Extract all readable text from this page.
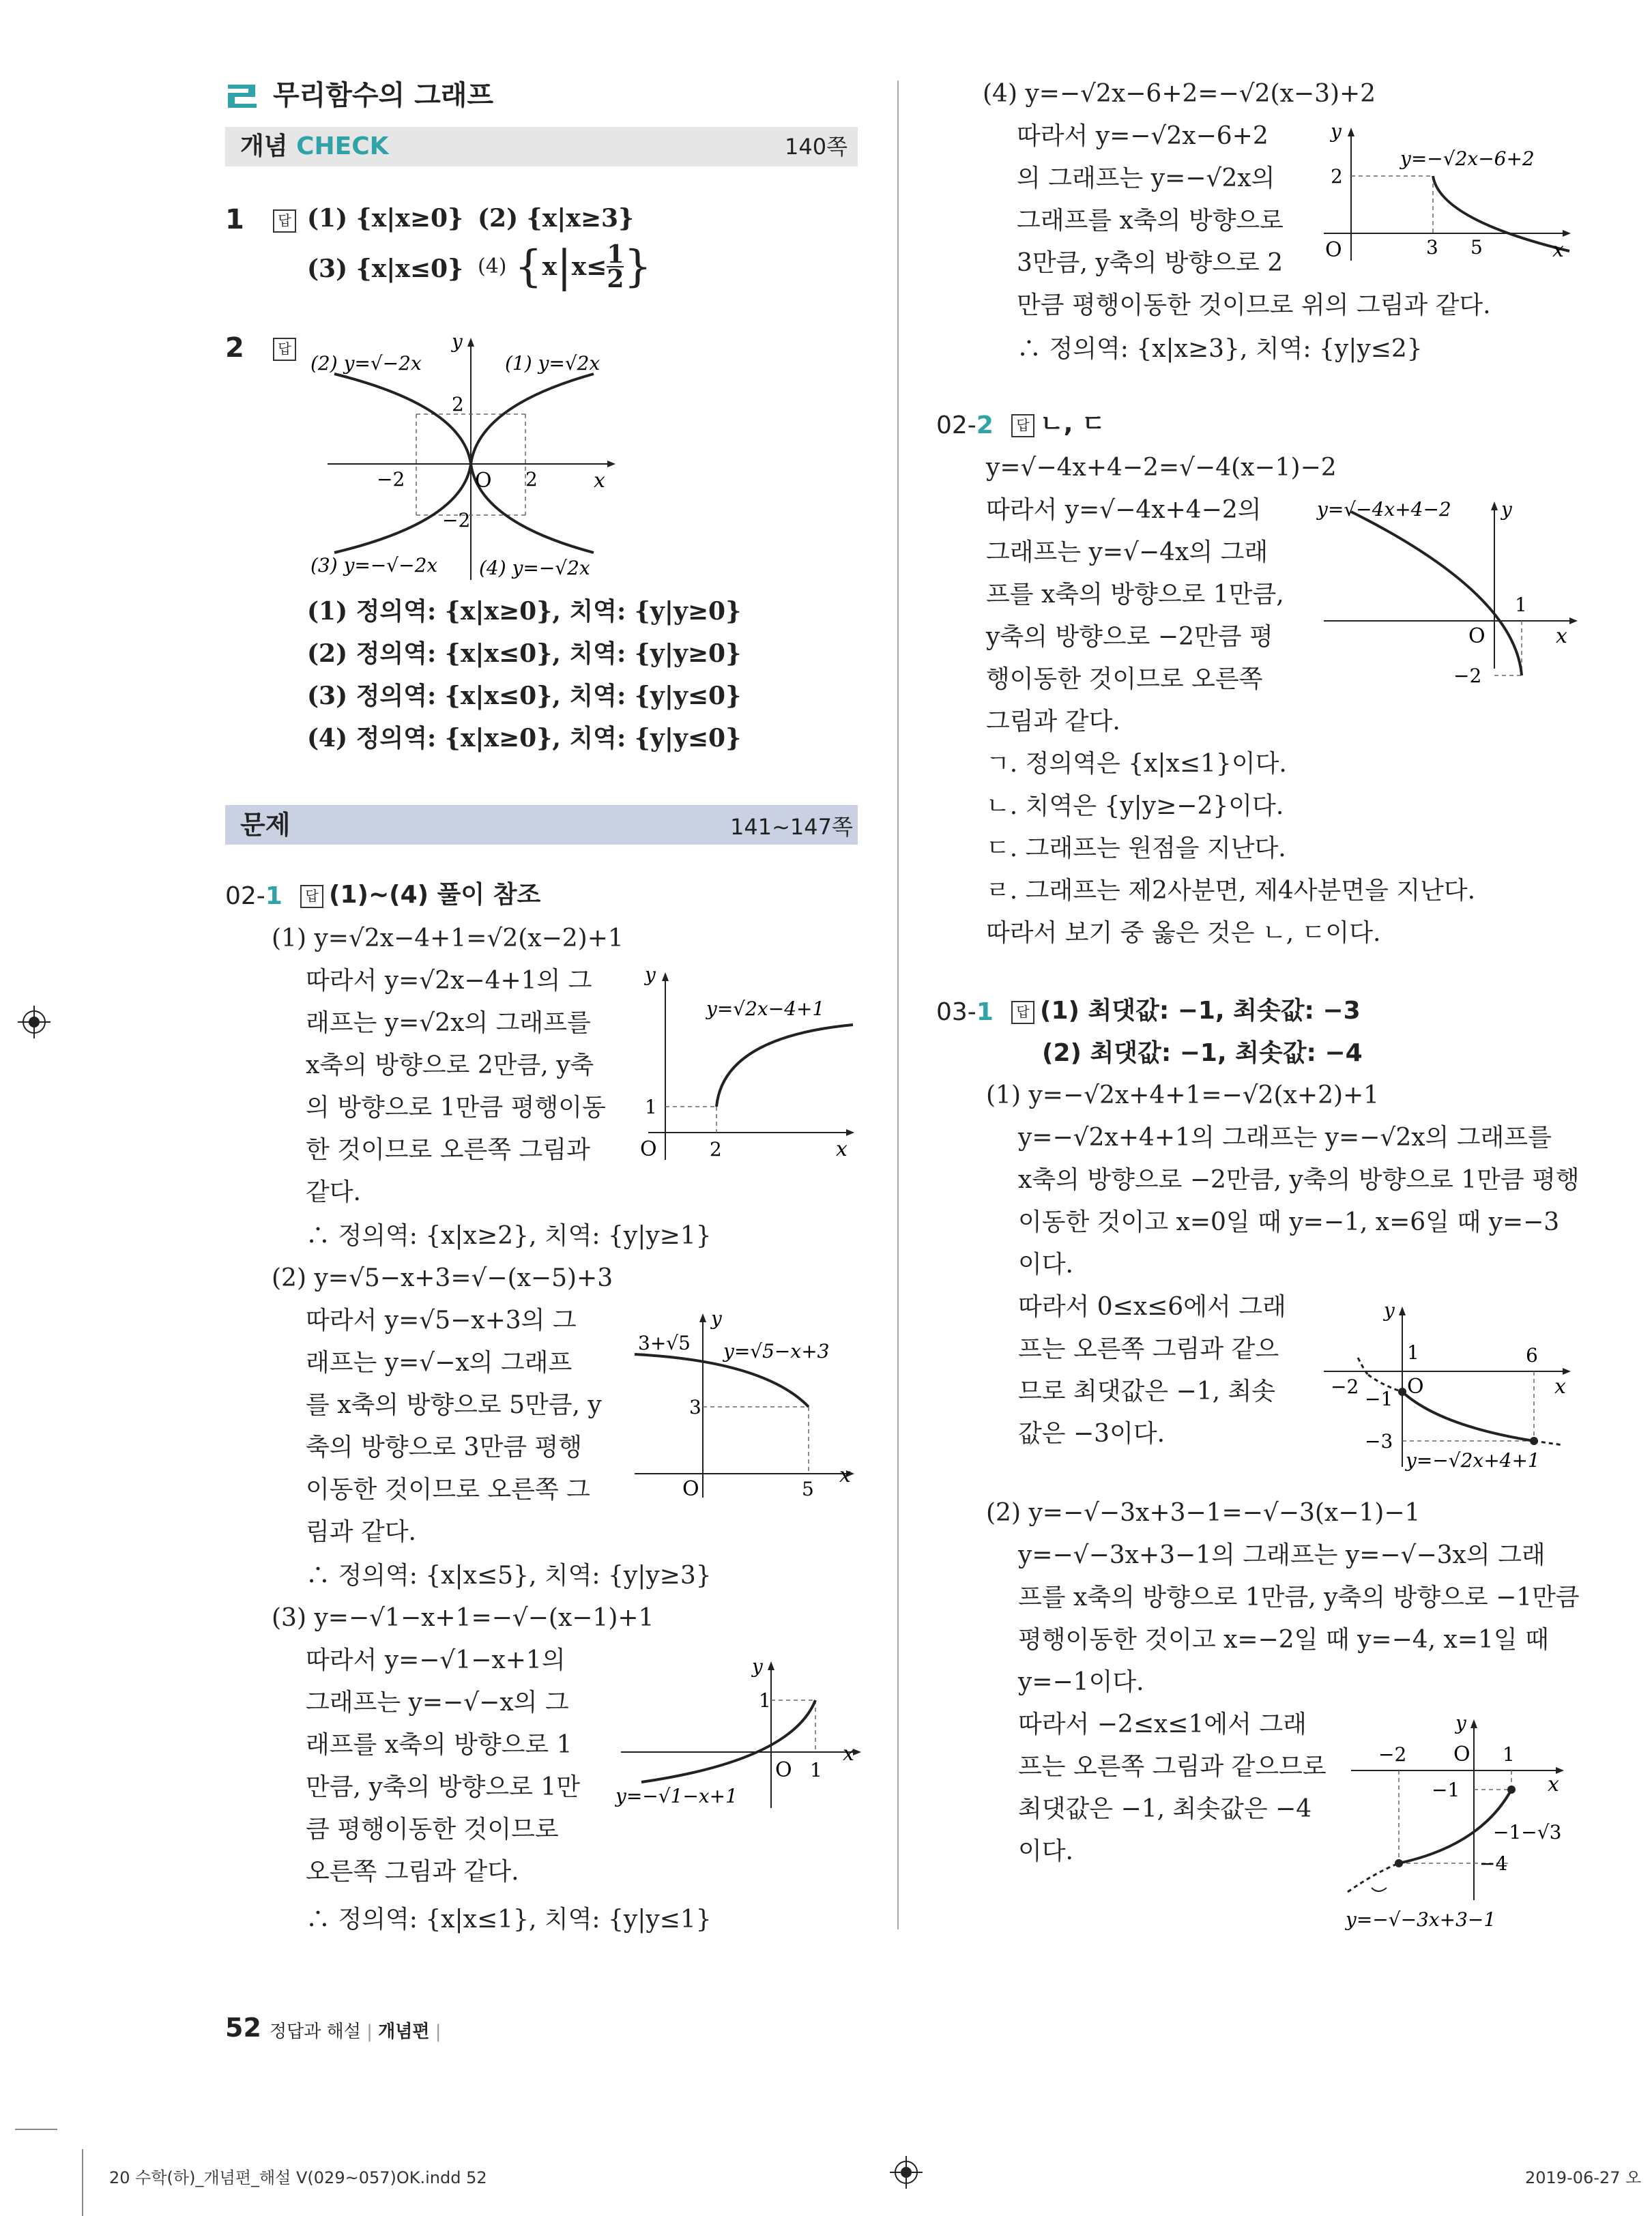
무리함수의 그래프
개념 CHECK	140쪽
1	답 (1) {x|x≥0} (2) {x|x≥3}
(3) {x|x≤0} (4) {$x|x\le \frac{1}{2}$ }
2	답
(2) y=√−2x	(1) y=√2x
(3) y=−√−2x (4) y=−√2x
2
−2
2
−2	O	x
y
(1) 정의역: {x|x≥0}, 치역: {y|y≥0}
(2) 정의역: {x|x≤0}, 치역: {y|y≥0}
(3) 정의역: {x|x≤0}, 치역: {y|y≤0}
(4) 정의역: {x|x≥0}, 치역: {y|y≤0}
문제	141∼147쪽
02-1	답 (1)∼(4) 풀이 참조
(1) y=√2x−4+1=√2(x−2)+1
따라서 y=√2x−4+1의 그
래프는 y=√2x의 그래프를
x축의 방향으로 2만큼, y축
의 방향으로 1만큼 평행이동
한 것이므로 오른쪽 그림과
같다.
∴ 정의역: {x|x≥2}, 치역: {y|y≥1}
y=√2x−4+1
1
2
O	x
y
(2) y=√5−x+3=√−(x−5)+3
따라서 y=√5−x+3의 그
래프는 y=√−x의 그래프
를 x축의 방향으로 5만큼, y
축의 방향으로 3만큼 평행
이동한 것이므로 오른쪽 그
림과 같다.
∴ 정의역: {x|x≤5}, 치역: {y|y≥3}
y=√5−x+3
3+√5
3
5
O
x
y
(3) y=−√1−x+1=−√−(x−1)+1
따라서 y=−√1−x+1의
그래프는 y=−√−x의 그
래프를 x축의 방향으로 1
만큼, y축의 방향으로 1만
큼 평행이동한 것이므로
오른쪽 그림과 같다.
∴ 정의역: {x|x≤1}, 치역: {y|y≤1}
y=−√1−x+1
1
1
O
x
y
(4) y=−√2x−6+2=−√2(x−3)+2
따라서 y=−√2x−6+2
의 그래프는 y=−√2x의
그래프를 x축의 방향으로
3만큼, y축의 방향으로 2
만큼 평행이동한 것이므로 위의 그림과 같다.
∴ 정의역: {x|x≥3}, 치역: {y|y≤2}
y=−√2x−6+2
2
3 5
O	x
y
02-2	답 ㄴ, ㄷ
y=√−4x+4−2=√−4(x−1)−2
따라서 y=√−4x+4−2의
그래프는 y=√−4x의 그래
프를 x축의 방향으로 1만큼,
y축의 방향으로 −2만큼 평
행이동한 것이므로 오른쪽
그림과 같다.
ㄱ. 정의역은 {x|x≤1}이다.
ㄴ. 치역은 {y|y≥−2}이다.
ㄷ. 그래프는 원점을 지난다.
ㄹ. 그래프는 제2사분면, 제4사분면을 지난다.
따라서 보기 중 옳은 것은 ㄴ, ㄷ이다.
y=√−4x+4−2
1
−2
O	x
y
03-1	답 (1) 최댓값: −1, 최솟값: −3
(2) 최댓값: −1, 최솟값: −4
(1) y=−√2x+4+1=−√2(x+2)+1
y=−√2x+4+1의 그래프는 y=−√2x의 그래프를
x축의 방향으로 −2만큼, y축의 방향으로 1만큼 평행
이동한 것이고 x=0일 때 y=−1, x=6일 때 y=−3
이다.
따라서 0≤x≤6에서 그래
프는 오른쪽 그림과 같으
므로 최댓값은 −1, 최솟
값은 −3이다.
y=−√2x+4+1
1	6
−2
−1
−3
O	x
y
(2) y=−√−3x+3−1=−√−3(x−1)−1
y=−√−3x+3−1의 그래프는 y=−√−3x의 그래
프를 x축의 방향으로 1만큼, y축의 방향으로 −1만큼
평행이동한 것이고 x=−2일 때 y=−4, x=1일 때
y=−1이다.
따라서 −2≤x≤1에서 그래
프는 오른쪽 그림과 같으므로
최댓값은 −1, 최솟값은 −4
이다.
y=−√−3x+3−1
−2	1
−1
−1−√3
−4
O
x
y
52 정답과 해설 | 개념편 |
20 수학(하)_개념편_해설 V(029~057)OK.indd 52	2019-06-27 오
